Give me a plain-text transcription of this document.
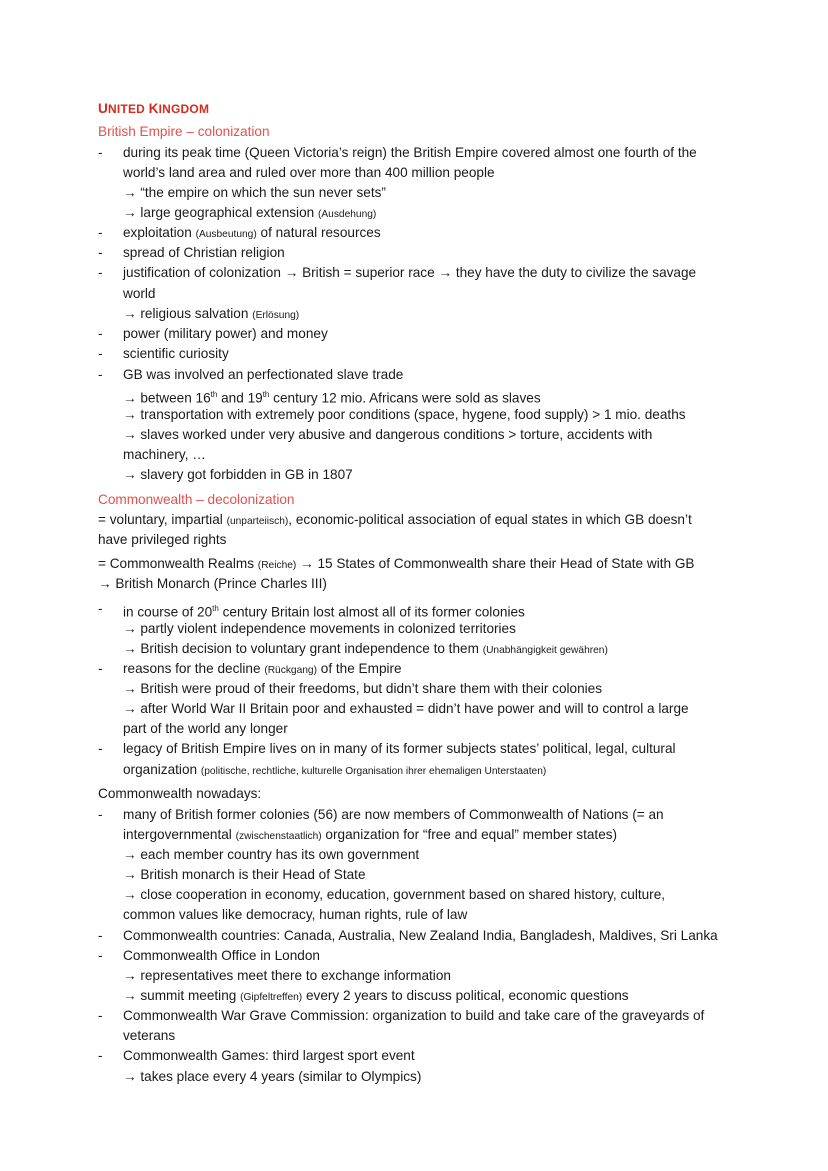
UNITED KINGDOM
British Empire – colonization
- during its peak time (Queen Victoria’s reign) the British Empire covered almost one fourth of the
world’s land area and ruled over more than 400 million people
→ “the empire on which the sun never sets”
→ large geographical extension (Ausdehung)
- exploitation (Ausbeutung) of natural resources
- spread of Christian religion
- justification of colonization → British = superior race → they have the duty to civilize the savage
world
→ religious salvation (Erlösung)
- power (military power) and money
- scientific curiosity
- GB was involved an perfectionated slave trade
→ between 16th and 19th century 12 mio. Africans were sold as slaves
→ transportation with extremely poor conditions (space, hygene, food supply) > 1 mio. deaths
→ slaves worked under very abusive and dangerous conditions > torture, accidents with
machinery, …
→ slavery got forbidden in GB in 1807
Commonwealth – decolonization
= voluntary, impartial (unparteiisch), economic-political association of equal states in which GB doesn’t
have privileged rights
= Commonwealth Realms (Reiche) → 15 States of Commonwealth share their Head of State with GB
→ British Monarch (Prince Charles III)
- in course of 20th century Britain lost almost all of its former colonies
→ partly violent independence movements in colonized territories
→ British decision to voluntary grant independence to them (Unabhängigkeit gewähren)
- reasons for the decline (Rückgang) of the Empire
→ British were proud of their freedoms, but didn’t share them with their colonies
→ after World War II Britain poor and exhausted = didn’t have power and will to control a large
part of the world any longer
- legacy of British Empire lives on in many of its former subjects states’ political, legal, cultural
organization (politische, rechtliche, kulturelle Organisation ihrer ehemaligen Unterstaaten)
Commonwealth nowadays:
- many of British former colonies (56) are now members of Commonwealth of Nations (= an
intergovernmental (zwischenstaatlich) organization for “free and equal” member states)
→ each member country has its own government
→ British monarch is their Head of State
→ close cooperation in economy, education, government based on shared history, culture,
common values like democracy, human rights, rule of law
- Commonwealth countries: Canada, Australia, New Zealand India, Bangladesh, Maldives, Sri Lanka
- Commonwealth Office in London
→ representatives meet there to exchange information
→ summit meeting (Gipfeltreffen) every 2 years to discuss political, economic questions
- Commonwealth War Grave Commission: organization to build and take care of the graveyards of
veterans
- Commonwealth Games: third largest sport event
→ takes place every 4 years (similar to Olympics)
